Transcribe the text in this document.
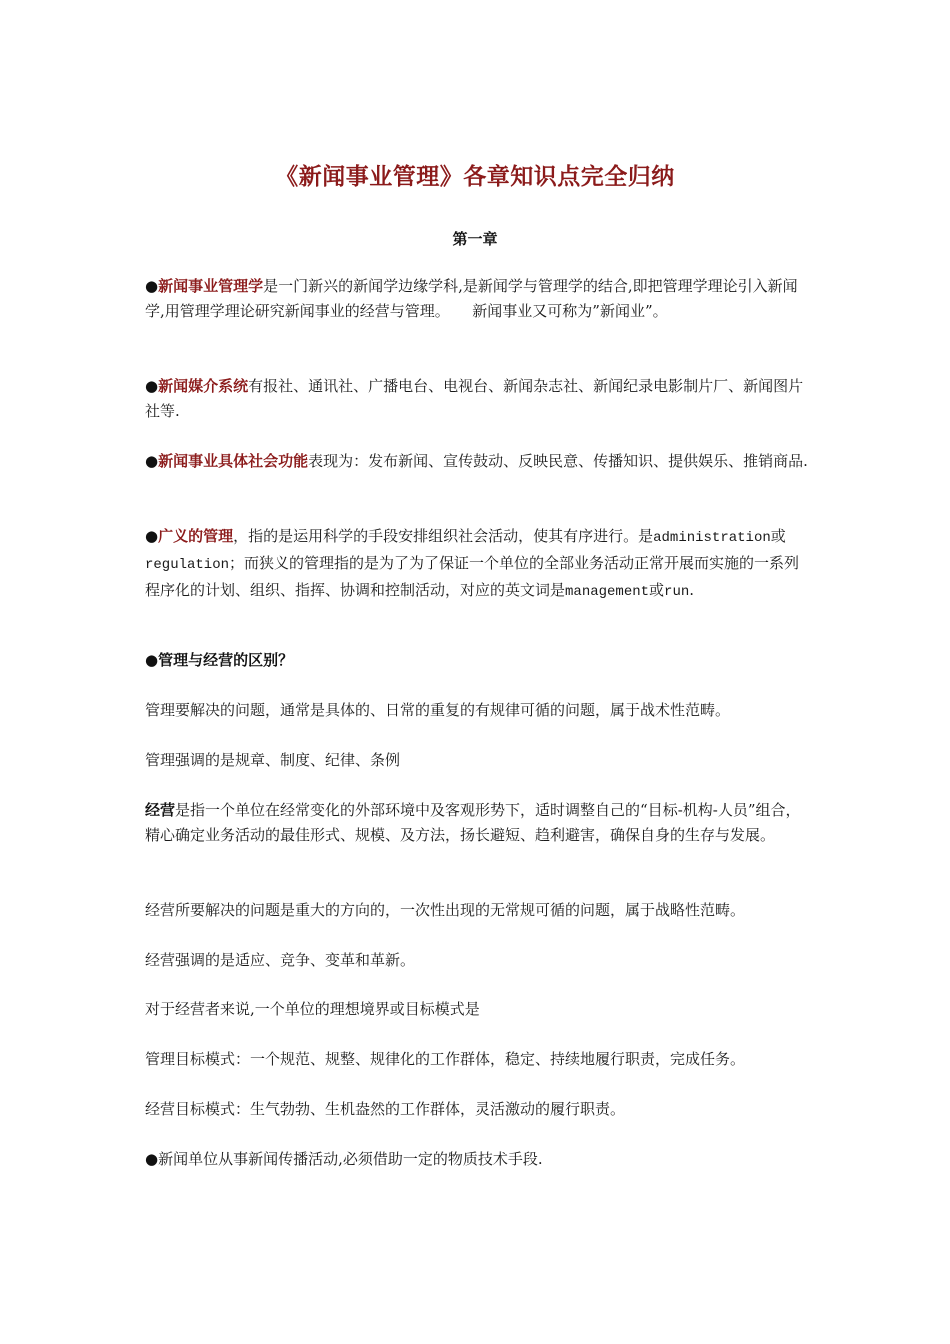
《新闻事业管理》各章知识点完全归纳
第一章

●新闻事业管理学是一门新兴的新闻学边缘学科,是新闻学与管理学的结合,即把管理学理论引入新闻学,用管理学理论研究新闻事业的经营与管理。　　新闻事业又可称为”新闻业”。

●新闻媒介系统有报社、通讯社、广播电台、电视台、新闻杂志社、新闻纪录电影制片厂、新闻图片社等.

●新闻事业具体社会功能表现为：发布新闻、宣传鼓动、反映民意、传播知识、提供娱乐、推销商品.

●广义的管理，指的是运用科学的手段安排组织社会活动，使其有序进行。是administration或regulation；而狭义的管理指的是为了为了保证一个单位的全部业务活动正常开展而实施的一系列程序化的计划、组织、指挥、协调和控制活动，对应的英文词是management或run.

●管理与经营的区别？

管理要解决的问题，通常是具体的、日常的重复的有规律可循的问题，属于战术性范畴。

管理强调的是规章、制度、纪律、条例

经营是指一个单位在经常变化的外部环境中及客观形势下，适时调整自己的“目标-机构-人员”组合，精心确定业务活动的最佳形式、规模、及方法，扬长避短、趋利避害，确保自身的生存与发展。

经营所要解决的问题是重大的方向的，一次性出现的无常规可循的问题，属于战略性范畴。

经营强调的是适应、竞争、变革和革新。

对于经营者来说,一个单位的理想境界或目标模式是

管理目标模式：一个规范、规整、规律化的工作群体，稳定、持续地履行职责，完成任务。

经营目标模式：生气勃勃、生机盎然的工作群体，灵活激动的履行职责。

●新闻单位从事新闻传播活动,必须借助一定的物质技术手段.
